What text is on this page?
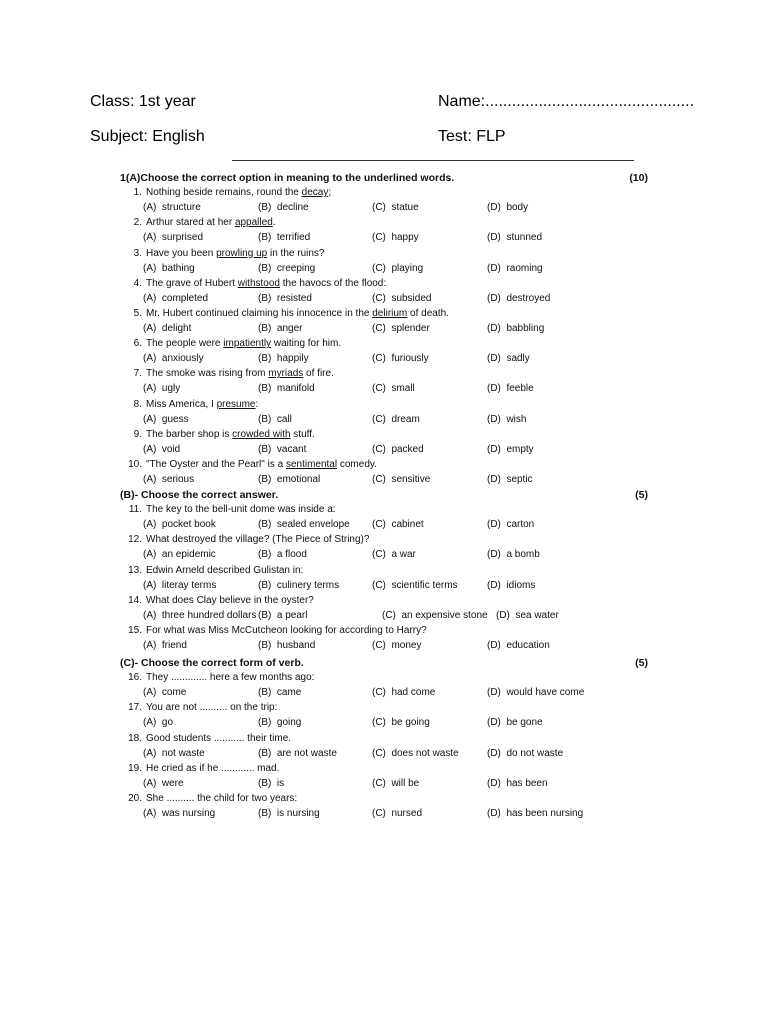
Class: 1st year	Name:...............................................
Subject: English	Test: FLP
1(A)Choose the correct option in meaning to the underlined words.	(10)
1. Nothing beside remains, round the decay;
(A)  structure	(B)  decline	(C)  statue	(D)  body
2. Arthur stared at her appalled.
(A)  surprised	(B)  terrified	(C)  happy	(D)  stunned
3. Have you been prowling up in the ruins?
(A)  bathing	(B)  creeping	(C)  playing	(D)  raoming
4. The grave of Hubert withstood the havocs of the flood:
(A)  completed	(B)  resisted	(C)  subsided	(D)  destroyed
5. Mr. Hubert continued claiming his innocence in the delirium of death.
(A)  delight	(B)  anger	(C)  splender	(D)  babbling
6. The people were impatiently waiting for him.
(A)  anxiously	(B)  happily	(C)  furiously	(D)  sadly
7. The smoke was rising from myriads of fire.
(A)  ugly	(B)  manifold	(C)  small	(D)  feeble
8. Miss America, I presume:
(A)  guess	(B)  call	(C)  dream	(D)  wish
9. The barber shop is crowded with stuff.
(A)  void	(B)  vacant	(C)  packed	(D)  empty
10. "The Oyster and the Pearl" is a sentimental comedy.
(A)  serious	(B)  emotional	(C)  sensitive	(D)  septic
(B)- Choose the correct answer.	(5)
11. The key to the bell-unit dome was inside a:
(A)  pocket book	(B)  sealed envelope (C)  cabinet	(D)  carton
12. What destroyed the village? (The Piece of String)?
(A)  an epidemic	(B)  a flood	(C)  a war	(D)  a bomb
13. Edwin Arneld described Gulistan in:
(A)  literay terms	(B)  culinery terms	(C)  scientific terms	(D)  idioms
14. What does Clay believe in the oyster?
(A)  three hundred dollars (B)  a pearl	(C)  an expensive stone (D)  sea water
15. For what was Miss McCutcheon looking for according to Harry?
(A)  friend	(B)  husband	(C)  money	(D)  education
(C)- Choose the correct form of verb.	(5)
16. They ............. here a few months ago:
(A)  come	(B)  came	(C)  had come	(D)  would have come
17. You are not .......... on the trip:
(A)  go	(B)  going	(C)  be going	(D)  be gone
18. Good students ........... their time.
(A)  not waste	(B)  are not waste	(C)  does not waste	(D)  do not waste
19. He cried as if he ............ mad.
(A)  were	(B)  is	(C)  will be	(D)  has been
20. She .......... the child for two years:
(A)  was nursing	(B)  is nursing	(C)  nursed	(D)  has been nursing
